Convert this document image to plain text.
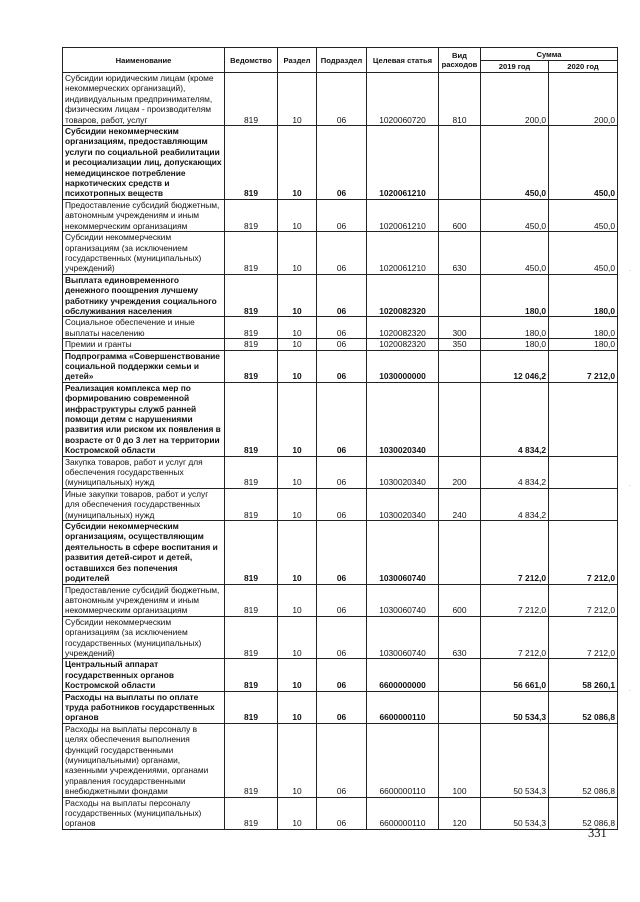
Наименование	Ведомство	Раздел	Подраздел	Целевая статья	Вид расходов	Сумма	
						2019 год	2020 год
Субсидии юридическим лицам (кроме некоммерческих организаций), индивидуальным предпринимателям, физическим лицам - производителям товаров, работ, услуг	819	10	06	1020060720	810	200,0	200,0
Субсидии некоммерческим организациям, предоставляющим услуги по социальной реабилитации и ресоциализации лиц, допускающих немедицинское потребление наркотических средств и психотропных веществ	819	10	06	1020061210		450,0	450,0
Предоставление субсидий бюджетным, автономным учреждениям и иным некоммерческим организациям	819	10	06	1020061210	600	450,0	450,0
Субсидии некоммерческим организациям (за исключением государственных (муниципальных) учреждений)	819	10	06	1020061210	630	450,0	450,0
Выплата единовременного денежного поощрения лучшему работнику учреждения социального обслуживания населения	819	10	06	1020082320		180,0	180,0
Социальное обеспечение и иные выплаты населению	819	10	06	1020082320	300	180,0	180,0
Премии и гранты	819	10	06	1020082320	350	180,0	180,0
Подпрограмма «Совершенствование социальной поддержки семьи и детей»	819	10	06	1030000000		12 046,2	7 212,0
Реализация комплекса мер по формированию современной инфраструктуры служб ранней помощи детям с нарушениями развития или риском их появления в возрасте от 0 до 3 лет на территории Костромской области	819	10	06	1030020340		4 834,2	
Закупка товаров, работ и услуг для обеспечения государственных (муниципальных) нужд	819	10	06	1030020340	200	4 834,2	
Иные закупки товаров, работ и услуг для обеспечения государственных (муниципальных) нужд	819	10	06	1030020340	240	4 834,2	
Субсидии некоммерческим организациям, осуществляющим деятельность в сфере воспитания и развития детей-сирот и детей, оставшихся без попечения родителей	819	10	06	1030060740		7 212,0	7 212,0
Предоставление субсидий бюджетным, автономным учреждениям и иным некоммерческим организациям	819	10	06	1030060740	600	7 212,0	7 212,0
Субсидии некоммерческим организациям (за исключением государственных (муниципальных) учреждений)	819	10	06	1030060740	630	7 212,0	7 212,0
Центральный аппарат государственных органов Костромской области	819	10	06	6600000000		56 661,0	58 260,1
Расходы на выплаты по оплате труда работников государственных органов	819	10	06	6600000110		50 534,3	52 086,8
Расходы на выплаты персоналу в целях обеспечения выполнения функций государственными (муниципальными) органами, казенными учреждениями, органами управления государственными внебюджетными фондами	819	10	06	6600000110	100	50 534,3	52 086,8
Расходы на выплаты персоналу государственных (муниципальных) органов	819	10	06	6600000110	120	50 534,3	52 086,8
331
·
·
·
